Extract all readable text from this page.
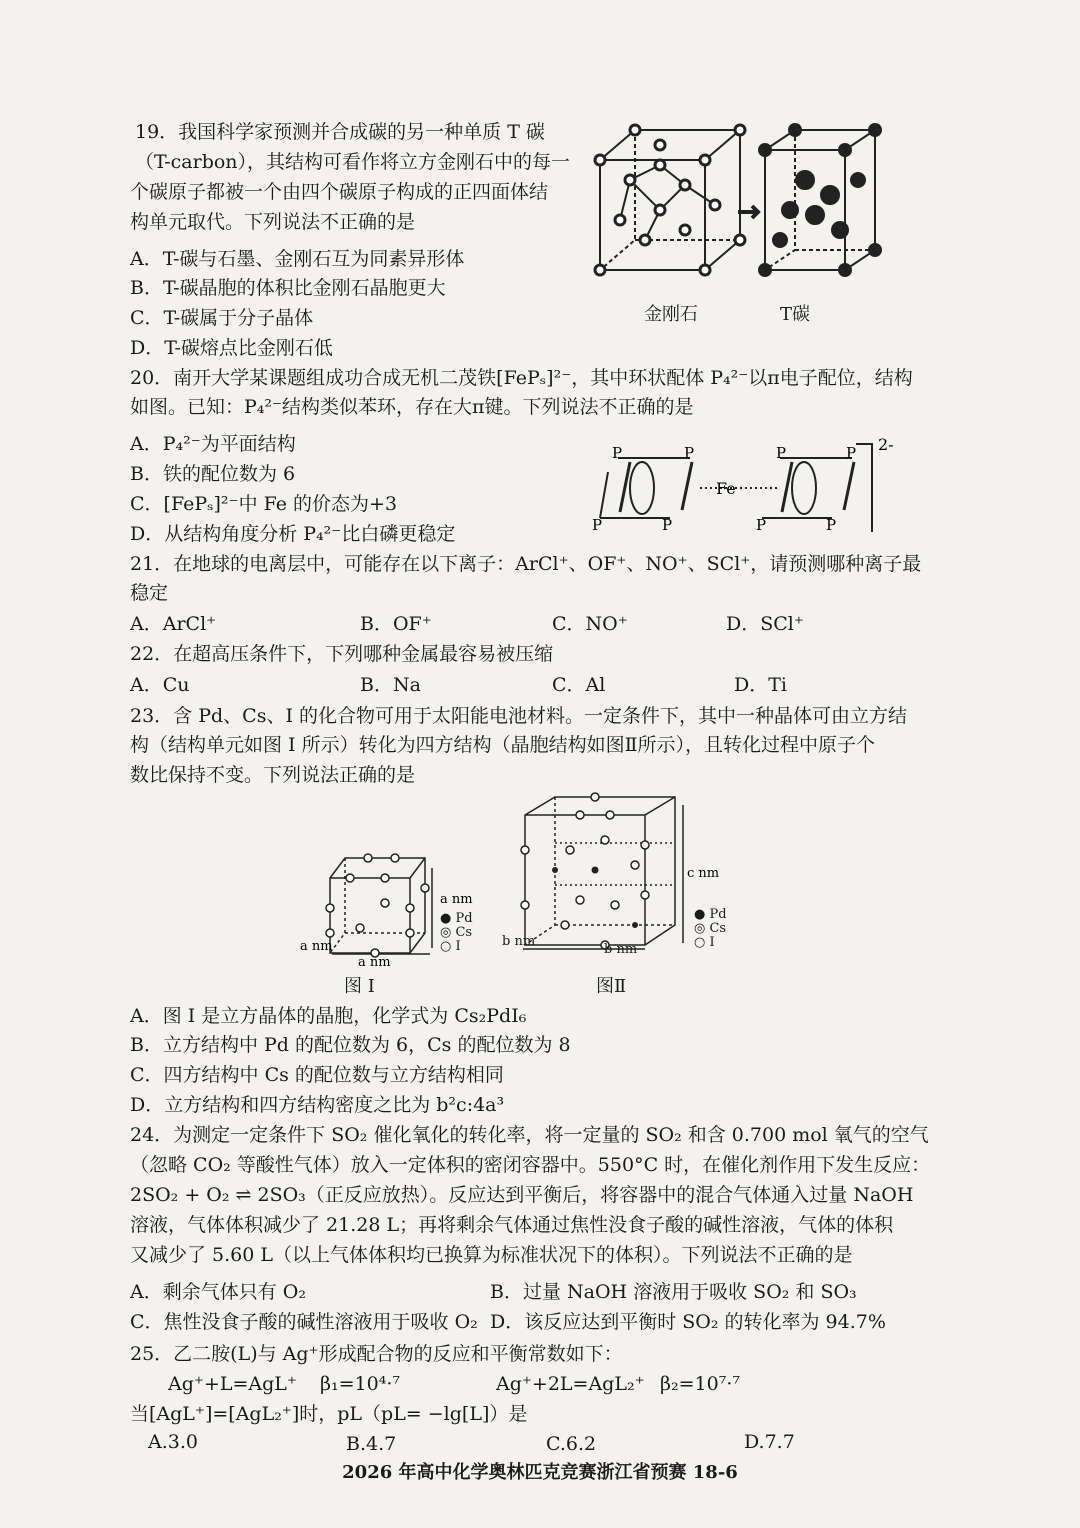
19．我国科学家预测并合成碳的另一种单质 T 碳
（T-carbon），其结构可看作将立方金刚石中的每一
个碳原子都被一个由四个碳原子构成的正四面体结
构单元取代。下列说法不正确的是
A．T-碳与石墨、金刚石互为同素异形体
B．T-碳晶胞的体积比金刚石晶胞更大
C．T-碳属于分子晶体
D．T-碳熔点比金刚石低
金刚石	T碳
20．南开大学某课题组成功合成无机二茂铁[FePₛ]²⁻，其中环状配体 P₄²⁻以π电子配位，结构
如图。已知：P₄²⁻结构类似苯环，存在大π键。下列说法不正确的是
A．P₄²⁻为平面结构
B．铁的配位数为 6
C．[FePₛ]²⁻中 Fe 的价态为+3
D．从结构角度分析 P₄²⁻比白磷更稳定
P	P
P	P
Fe
P	P
P	P
2-
21．在地球的电离层中，可能存在以下离子：ArCl⁺、OF⁺、NO⁺、SCl⁺，请预测哪种离子最
稳定
A．ArCl⁺	B．OF⁺	C．NO⁺	D．SCl⁺
22．在超高压条件下，下列哪种金属最容易被压缩
A．Cu	B．Na	C．Al	D．Ti
23．含 Pd、Cs、I 的化合物可用于太阳能电池材料。一定条件下，其中一种晶体可由立方结
构（结构单元如图 I 所示）转化为四方结构（晶胞结构如图Ⅱ所示），且转化过程中原子个
数比保持不变。下列说法正确的是
a nm
a nm
a nm
● Pd
◎ Cs
○ I
图 I
c nm
b nm
b nm
● Pd
◎ Cs
○ I
图Ⅱ
A．图 I 是立方晶体的晶胞，化学式为 Cs₂PdI₆
B．立方结构中 Pd 的配位数为 6，Cs 的配位数为 8
C．四方结构中 Cs 的配位数与立方结构相同
D．立方结构和四方结构密度之比为 b²c:4a³
24．为测定一定条件下 SO₂ 催化氧化的转化率，将一定量的 SO₂ 和含 0.700 mol 氧气的空气
（忽略 CO₂ 等酸性气体）放入一定体积的密闭容器中。550°C 时，在催化剂作用下发生反应：
2SO₂ + O₂ ⇌ 2SO₃（正反应放热）。反应达到平衡后，将容器中的混合气体通入过量 NaOH
溶液，气体体积减少了 21.28 L；再将剩余气体通过焦性没食子酸的碱性溶液，气体的体积
又减少了 5.60 L（以上气体体积均已换算为标准状况下的体积）。下列说法不正确的是
A．剩余气体只有 O₂	B．过量 NaOH 溶液用于吸收 SO₂ 和 SO₃
C．焦性没食子酸的碱性溶液用于吸收 O₂ D．该反应达到平衡时 SO₂ 的转化率为 94.7%
25．乙二胺(L)与 Ag⁺形成配合物的反应和平衡常数如下：
Ag⁺+L=AgL⁺ β₁=10⁴·⁷	Ag⁺+2L=AgL₂⁺ β₂=10⁷·⁷
当[AgL⁺]=[AgL₂⁺]时，pL（pL= −lg[L]）是
A.3.0	B.4.7	C.6.2	D.7.7
2026 年高中化学奥林匹克竞赛浙江省预赛 18-6
